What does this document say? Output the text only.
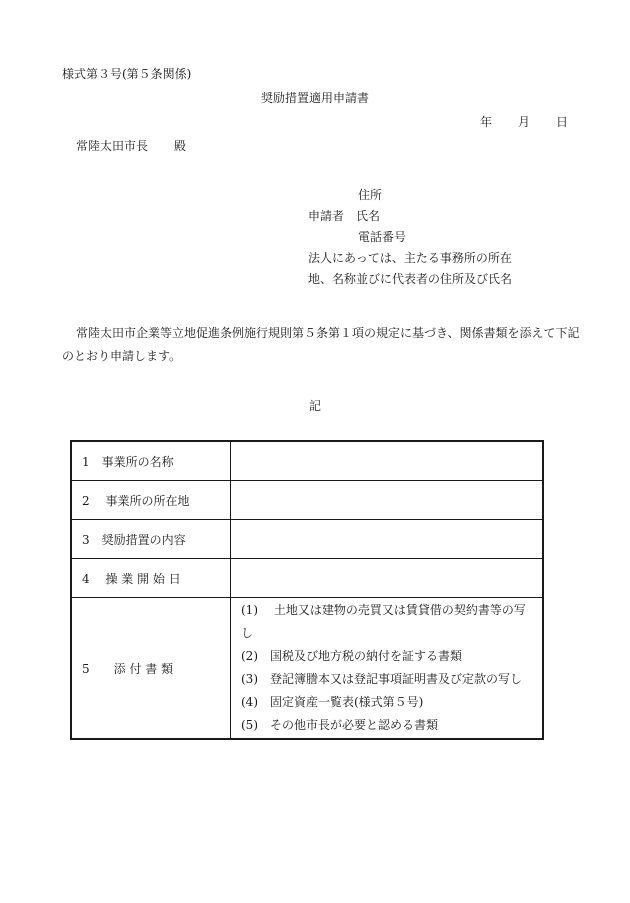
様式第３号(第５条関係)
奨励措置適用申請書
年 月 日
常陸太田市長 殿
住所
申請者 氏名
電話番号
法人にあっては、主たる事務所の所在
地、名称並びに代表者の住所及び氏名
常陸太田市企業等立地促進条例施行規則第５条第１項の規定に基づき、関係書類を添えて下記のとおり申請します。
記
1　事業所の名称	
2　 事業所の所在地	
3　奨励措置の内容	
4　 操 業 開 始 日	
5　　添 付 書 類	(1)　 土地又は建物の売買又は賃貸借の契約書等の写し
(2)　国税及び地方税の納付を証する書類
(3)　登記簿謄本又は登記事項証明書及び定款の写し
(4)　固定資産一覧表(様式第５号)
(5)　その他市長が必要と認める書類
